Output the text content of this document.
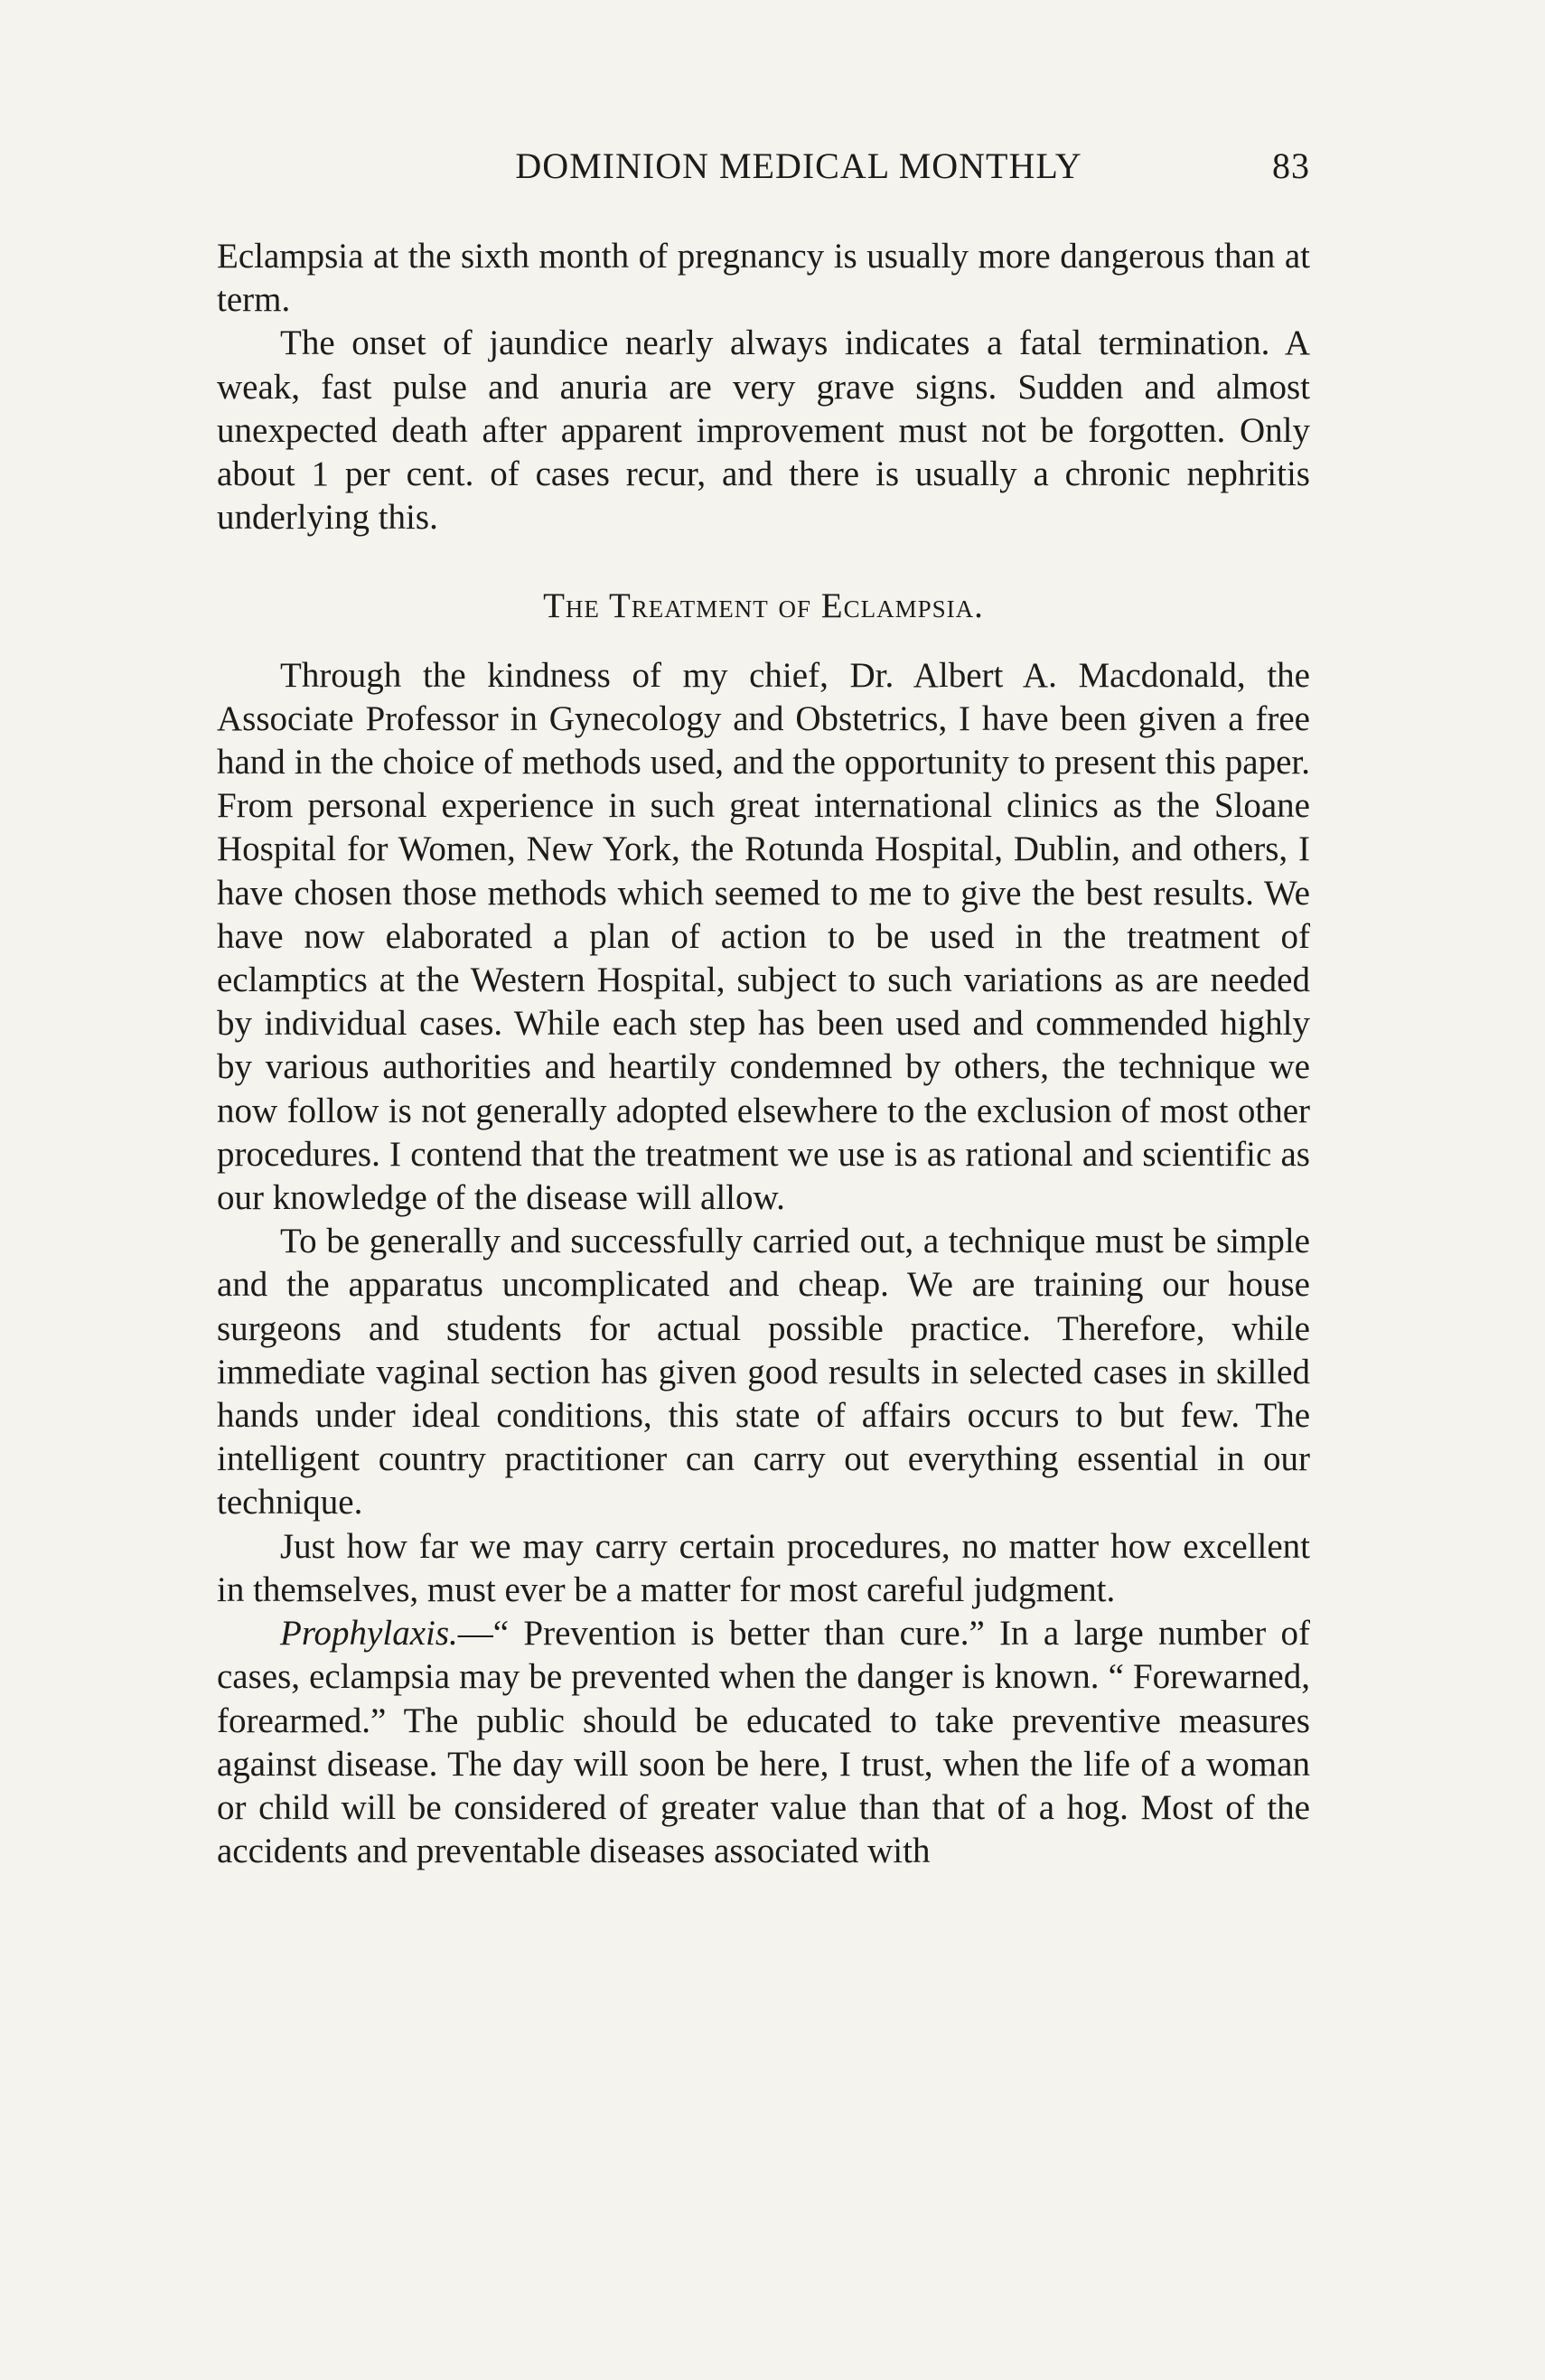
DOMINION MEDICAL MONTHLY	83

Eclampsia at the sixth month of pregnancy is usually more dangerous than at term.

The onset of jaundice nearly always indicates a fatal termination. A weak, fast pulse and anuria are very grave signs. Sudden and almost unexpected death after apparent improvement must not be forgotten. Only about 1 per cent. of cases recur, and there is usually a chronic nephritis underlying this.

The Treatment of Eclampsia.

Through the kindness of my chief, Dr. Albert A. Macdonald, the Associate Professor in Gynecology and Obstetrics, I have been given a free hand in the choice of methods used, and the opportunity to present this paper. From personal experience in such great international clinics as the Sloane Hospital for Women, New York, the Rotunda Hospital, Dublin, and others, I have chosen those methods which seemed to me to give the best results. We have now elaborated a plan of action to be used in the treatment of eclamptics at the Western Hospital, subject to such variations as are needed by individual cases. While each step has been used and commended highly by various authorities and heartily condemned by others, the technique we now follow is not generally adopted elsewhere to the exclusion of most other procedures. I contend that the treatment we use is as rational and scientific as our knowledge of the disease will allow.

To be generally and successfully carried out, a technique must be simple and the apparatus uncomplicated and cheap. We are training our house surgeons and students for actual possible practice. Therefore, while immediate vaginal section has given good results in selected cases in skilled hands under ideal conditions, this state of affairs occurs to but few. The intelligent country practitioner can carry out everything essential in our technique.

Just how far we may carry certain procedures, no matter how excellent in themselves, must ever be a matter for most careful judgment.

Prophylaxis.—“ Prevention is better than cure.” In a large number of cases, eclampsia may be prevented when the danger is known. “ Forewarned, forearmed.” The public should be educated to take preventive measures against disease. The day will soon be here, I trust, when the life of a woman or child will be considered of greater value than that of a hog. Most of the accidents and preventable diseases associated with
